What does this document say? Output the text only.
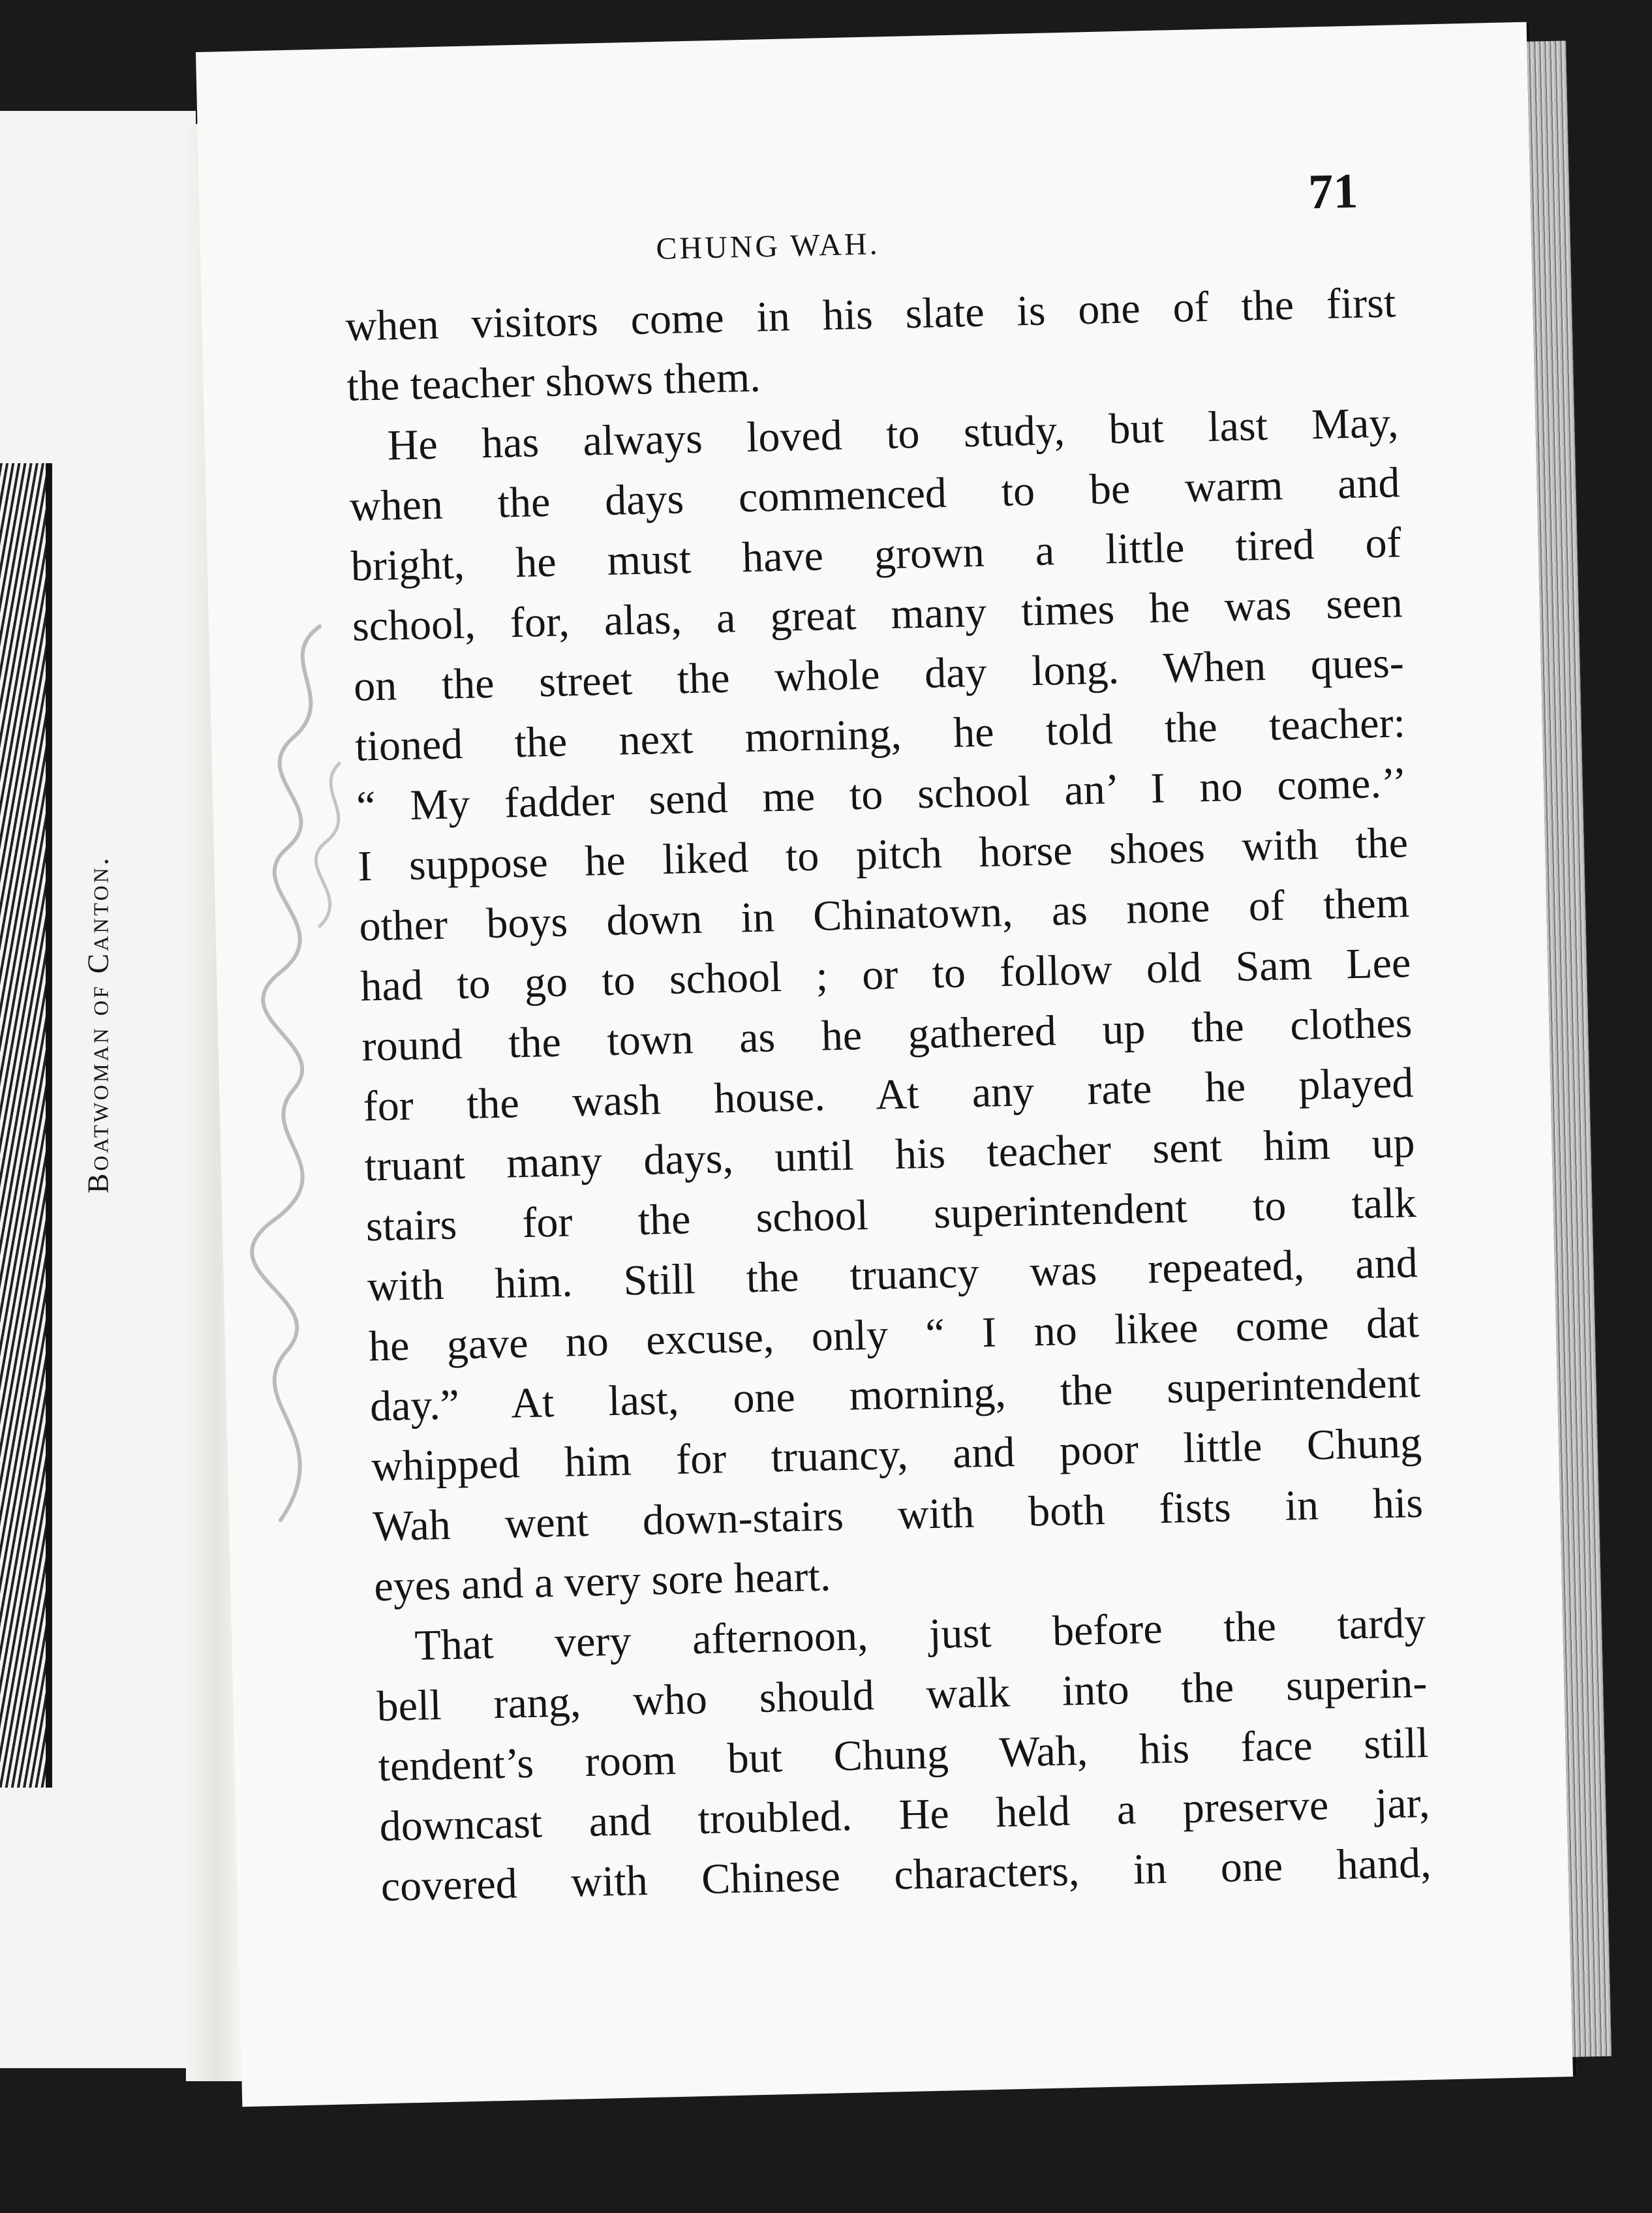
Boatwoman of Canton.
CHUNG WAH.
71
when visitors come in his slate is one of the first
the teacher shows them.
He has always loved to study, but last May,
when the days commenced to be warm and
bright, he must have grown a little tired of
school, for, alas, a great many times he was seen
on the street the whole day long. When ques-
tioned the next morning, he told the teacher:
“ My fadder send me to school an’ I no come.’’
I suppose he liked to pitch horse shoes with the
other boys down in Chinatown, as none of them
had to go to school ; or to follow old Sam Lee
round the town as he gathered up the clothes
for the wash house. At any rate he played
truant many days, until his teacher sent him up
stairs for the school superintendent to talk
with him. Still the truancy was repeated, and
he gave no excuse, only “ I no likee come dat
day.” At last, one morning, the superintendent
whipped him for truancy, and poor little Chung
Wah went down-stairs with both fists in his
eyes and a very sore heart.
That very afternoon, just before the tardy
bell rang, who should walk into the superin-
tendent’s room but Chung Wah, his face still
downcast and troubled. He held a preserve jar,
covered with Chinese characters, in one hand,
